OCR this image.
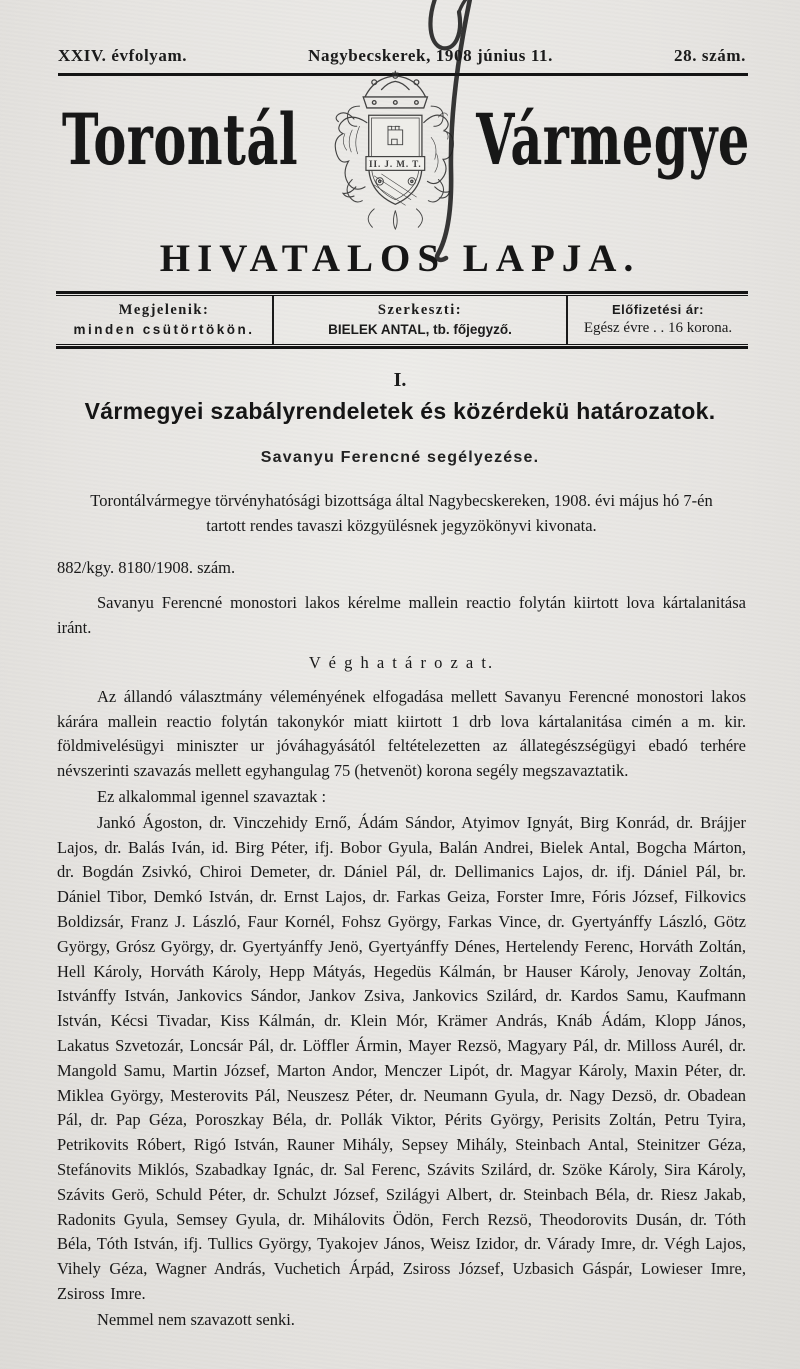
XXIV. évfolyam.	Nagybecskerek, 1908 június 11.	28. szám.
Torontál	II. J. M. T. Vármegye
HIVATALOS LAPJA.
Megjelenik:
minden csütörtökön.
Szerkeszti:
BIELEK ANTAL, tb. főjegyző.
Előfizetési ár:
Egész évre . . 16 korona.
I.
Vármegyei szabályrendeletek és közérdekü határozatok.
Savanyu Ferencné segélyezése.

Torontálvármegye törvényhatósági bizottsága által Nagybecskereken, 1908. évi május hó 7-én tartott rendes tavaszi közgyülésnek jegyzökönyvi kivonata.

882/kgy. 8180/1908. szám.

Savanyu Ferencné monostori lakos kérelme mallein reactio folytán kiirtott lova kártalanitása iránt.

V é g h a t á r o z a t.

Az állandó választmány véleményének elfogadása mellett Savanyu Ferencné monostori lakos kárára mallein reactio folytán takonykór miatt kiirtott 1 drb lova kártalanitása cimén a m. kir. földmivelésügyi miniszter ur jóváhagyásától feltételezetten az állategészségügyi ebadó terhére névszerinti szavazás mellett egyhangulag 75 (hetvenöt) korona segély megszavaztatik.

Ez alkalommal igennel szavaztak :

Jankó Ágoston, dr. Vinczehidy Ernő, Ádám Sándor, Atyimov Ignyát, Birg Konrád, dr. Brájjer Lajos, dr. Balás Iván, id. Birg Péter, ifj. Bobor Gyula, Balán Andrei, Bielek Antal, Bogcha Márton, dr. Bogdán Zsivkó, Chiroi Demeter, dr. Dániel Pál, dr. Dellimanics Lajos, dr. ifj. Dániel Pál, br. Dániel Tibor, Demkó István, dr. Ernst Lajos, dr. Farkas Geiza, Forster Imre, Fóris József, Filkovics Boldizsár, Franz J. László, Faur Kornél, Fohsz György, Farkas Vince, dr. Gyertyánffy László, Götz György, Grósz György, dr. Gyertyánffy Jenö, Gyertyánffy Dénes, Hertelendy Ferenc, Horváth Zoltán, Hell Károly, Horváth Károly, Hepp Mátyás, Hegedüs Kálmán, br Hauser Károly, Jenovay Zoltán, Istvánffy István, Jankovics Sándor, Jankov Zsiva, Jankovics Szilárd, dr. Kardos Samu, Kaufmann István, Kécsi Tivadar, Kiss Kálmán, dr. Klein Mór, Krämer András, Knáb Ádám, Klopp János, Lakatus Szvetozár, Loncsár Pál, dr. Löffler Ármin, Mayer Rezsö, Magyary Pál, dr. Milloss Aurél, dr. Mangold Samu, Martin József, Marton Andor, Menczer Lipót, dr. Magyar Károly, Maxin Péter, dr. Miklea György, Mesterovits Pál, Neuszesz Péter, dr. Neumann Gyula, dr. Nagy Dezsö, dr. Obadean Pál, dr. Pap Géza, Poroszkay Béla, dr. Pollák Viktor, Périts György, Perisits Zoltán, Petru Tyira, Petrikovits Róbert, Rigó István, Rauner Mihály, Sepsey Mihály, Steinbach Antal, Steinitzer Géza, Stefánovits Miklós, Szabadkay Ignác, dr. Sal Ferenc, Szávits Szilárd, dr. Szöke Károly, Sira Károly, Szávits Gerö, Schuld Péter, dr. Schulzt József, Szilágyi Albert, dr. Steinbach Béla, dr. Riesz Jakab, Radonits Gyula, Semsey Gyula, dr. Mihálovits Ödön, Ferch Rezsö, Theodorovits Dusán, dr. Tóth Béla, Tóth István, ifj. Tullics György, Tyakojev János, Weisz Izidor, dr. Várady Imre, dr. Végh Lajos, Vihely Géza, Wagner András, Vuchetich Árpád, Zsiross József, Uzbasich Gáspár, Lowieser Imre, Zsiross Imre.

Nemmel nem szavazott senki.
